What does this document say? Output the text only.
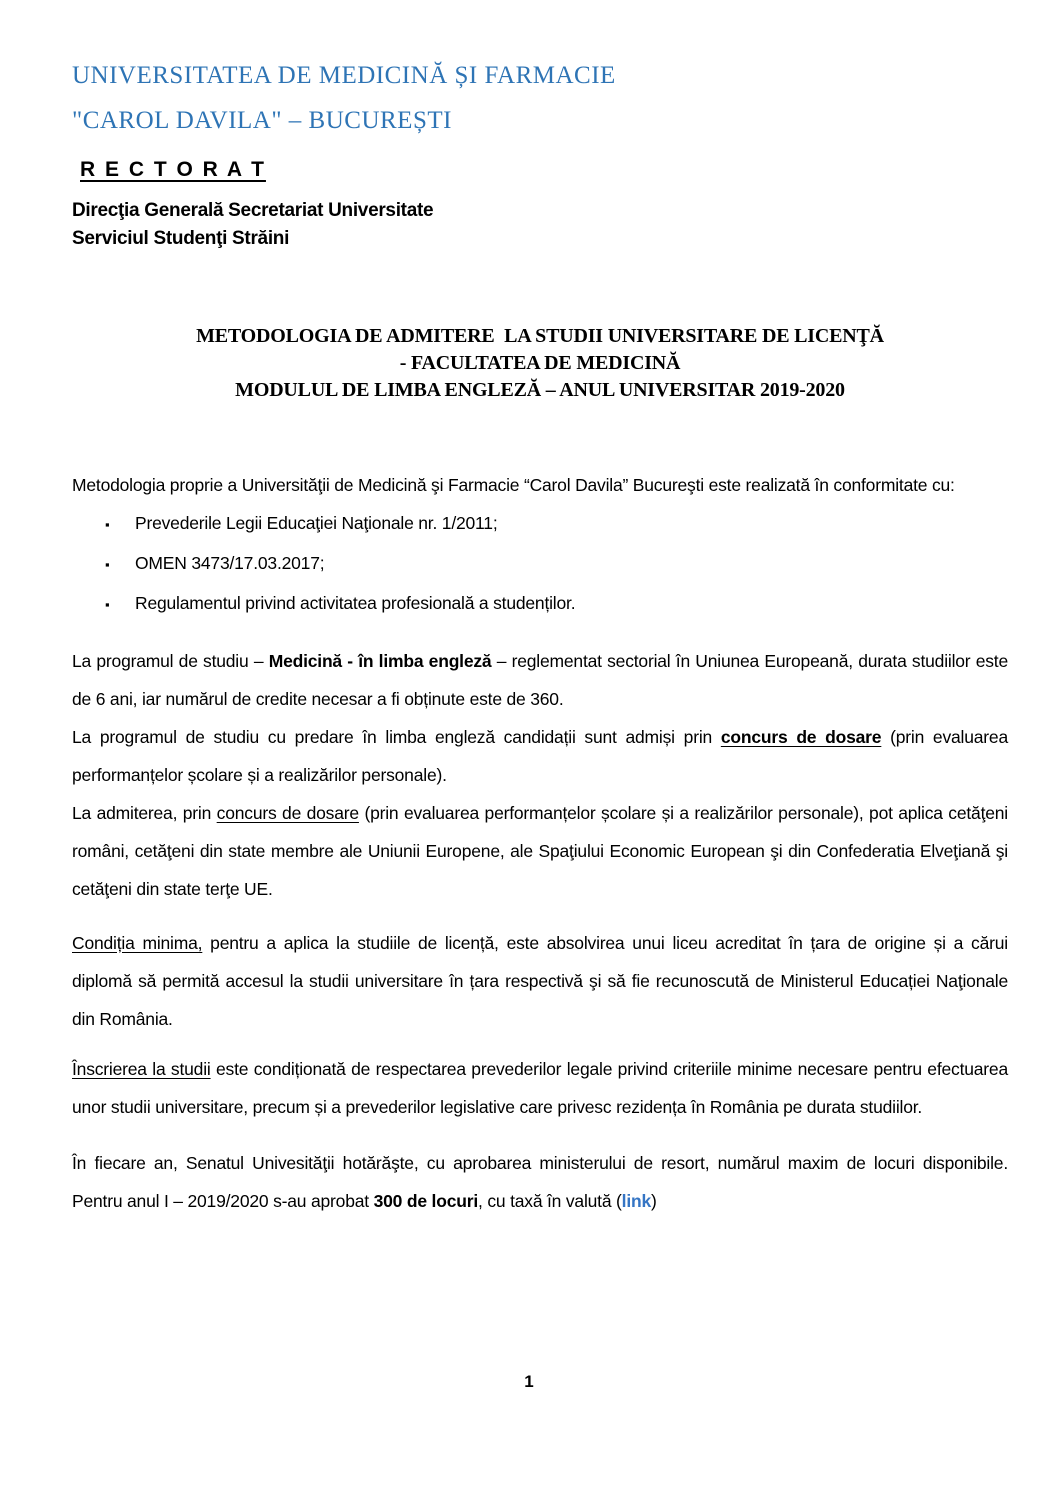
UNIVERSITATEA DE MEDICINĂ ȘI FARMACIE
"CAROL DAVILA" – BUCUREȘTI
R E C T O R A T
Direcţia Generală Secretariat Universitate
Serviciul Studenţi Străini
METODOLOGIA DE ADMITERE  LA STUDII UNIVERSITARE DE LICENŢĂ
- FACULTATEA DE MEDICINĂ
MODULUL DE LIMBA ENGLEZĂ – ANUL UNIVERSITAR 2019-2020

Metodologia proprie a Universităţii de Medicină şi Farmacie “Carol Davila” Bucureşti este realizată în conformitate cu:

▪	Prevederile Legii Educaţiei Naţionale nr. 1/2011;
▪	OMEN 3473/17.03.2017;
▪	Regulamentul privind activitatea profesională a studenților.

La programul de studiu – Medicină - în limba engleză – reglementat sectorial în Uniunea Europeană, durata studiilor este de 6 ani, iar numărul de credite necesar a fi obținute este de 360.

La programul de studiu cu predare în limba engleză candidații sunt admiși prin concurs de dosare (prin evaluarea performanțelor școlare și a realizărilor personale).

La admiterea, prin concurs de dosare (prin evaluarea performanțelor școlare și a realizărilor personale), pot aplica cetăţeni români, cetăţeni din state membre ale Uniunii Europene, ale Spaţiului Economic European şi din Confederatia Elveţiană şi cetăţeni din state terţe UE.

Condiția minima, pentru a aplica la studiile de licență, este absolvirea unui liceu acreditat în țara de origine și a cărui diplomă să permită accesul la studii universitare în țara respectivă şi să fie recunoscută de Ministerul Educației Naţionale din România.

Înscrierea la studii este condiționată de respectarea prevederilor legale privind criteriile minime necesare pentru efectuarea unor studii universitare, precum și a prevederilor legislative care privesc rezidența în România pe durata studiilor.

În fiecare an, Senatul Univesităţii hotărăşte, cu aprobarea ministerului de resort, numărul maxim de locuri disponibile. Pentru anul I – 2019/2020 s-au aprobat 300 de locuri, cu taxă în valută (link)

1
